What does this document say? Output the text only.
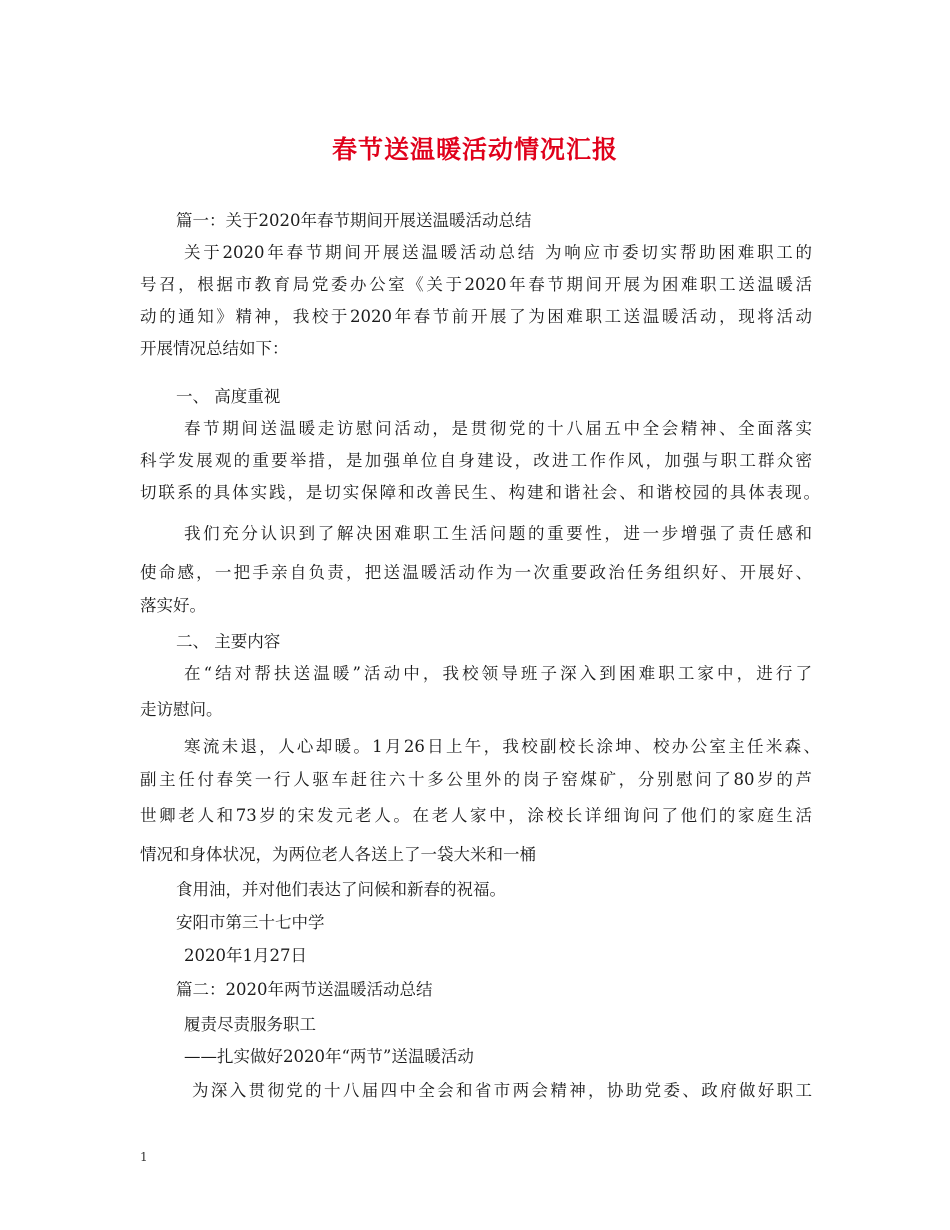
春节送温暖活动情况汇报
篇一：关于2020年春节期间开展送温暖活动总结
关于2020年春节期间开展送温暖活动总结 为响应市委切实帮助困难职工的
号召，根据市教育局党委办公室《关于2020年春节期间开展为困难职工送温暖活
动的通知》精神，我校于2020年春节前开展了为困难职工送温暖活动，现将活动
开展情况总结如下：
一、 高度重视
春节期间送温暖走访慰问活动，是贯彻党的十八届五中全会精神、全面落实
科学发展观的重要举措，是加强单位自身建设，改进工作作风，加强与职工群众密
切联系的具体实践，是切实保障和改善民生、构建和谐社会、和谐校园的具体表现。
我们充分认识到了解决困难职工生活问题的重要性，进一步增强了责任感和
使命感，一把手亲自负责，把送温暖活动作为一次重要政治任务组织好、开展好、
落实好。
二、 主要内容
在“结对帮扶送温暖”活动中，我校领导班子深入到困难职工家中，进行了
走访慰问。
寒流未退，人心却暖。1月26日上午，我校副校长涂坤、校办公室主任米森、
副主任付春笑一行人驱车赶往六十多公里外的岗子窑煤矿，分别慰问了80岁的芦
世卿老人和73岁的宋发元老人。在老人家中，涂校长详细询问了他们的家庭生活
情况和身体状况，为两位老人各送上了一袋大米和一桶
食用油，并对他们表达了问候和新春的祝福。
安阳市第三十七中学
2020年1月27日
篇二：2020年两节送温暖活动总结
履责尽责服务职工
——扎实做好2020年“两节”送温暖活动
为深入贯彻党的十八届四中全会和省市两会精神，协助党委、政府做好职工
1
